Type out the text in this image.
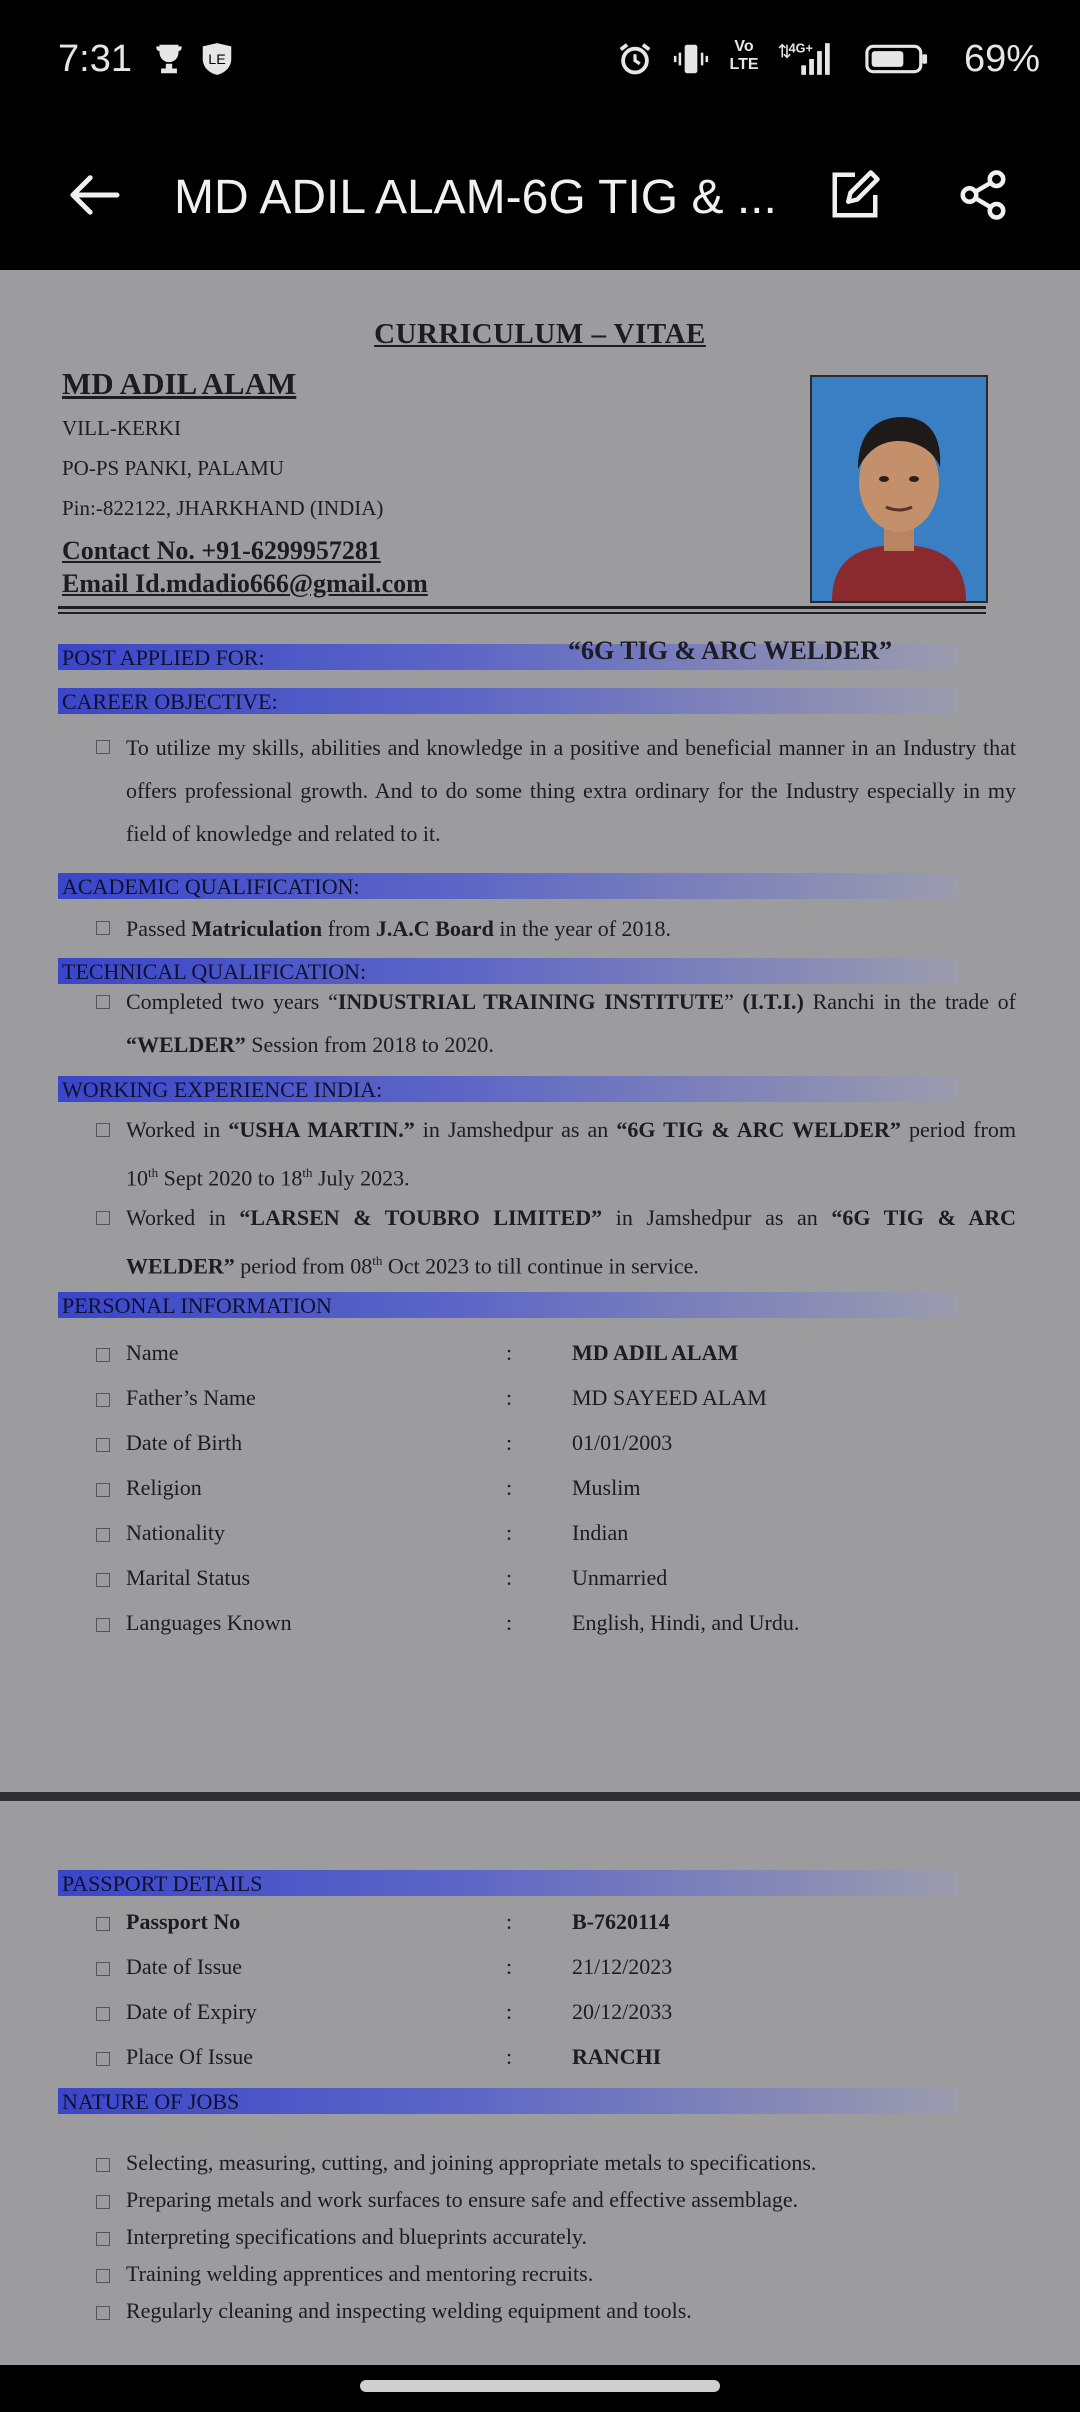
7:31	LE
Vo
LTE
4G+	69%
MD ADIL ALAM-6G TIG & ...
CURRICULUM – VITAE
MD ADIL ALAM
VILL-KERKI
PO-PS PANKI, PALAMU
Pin:-822122, JHARKHAND (INDIA)
Contact No. +91-6299957281
Email Id.mdadio666@gmail.com
POST APPLIED FOR:	“6G TIG & ARC WELDER”
CAREER OBJECTIVE:
To utilize my skills, abilities and knowledge in a positive and beneficial manner in an Industry that offers professional growth. And to do some thing extra ordinary for the Industry especially in my field of knowledge and related to it.
ACADEMIC QUALIFICATION:
Passed Matriculation from J.A.C Board in the year of 2018.
TECHNICAL QUALIFICATION:
Completed two years “INDUSTRIAL TRAINING INSTITUTE” (I.T.I.) Ranchi in the trade of “WELDER” Session from 2018 to 2020.
WORKING EXPERIENCE INDIA:
Worked in “USHA MARTIN.” in Jamshedpur as an “6G TIG & ARC WELDER” period from 10th Sept 2020 to 18th July 2023.
Worked in “LARSEN & TOUBRO LIMITED” in Jamshedpur as an “6G TIG & ARC WELDER” period from 08th Oct 2023 to till continue in service.
PERSONAL INFORMATION
Name	:	MD ADIL ALAM
Father’s Name	:	MD SAYEED ALAM
Date of Birth	:	01/01/2003
Religion	:	Muslim
Nationality	:	Indian
Marital Status	:	Unmarried
Languages Known	:	English, Hindi, and Urdu.
PASSPORT DETAILS
Passport No	:	B-7620114
Date of Issue	:	21/12/2023
Date of Expiry	:	20/12/2033
Place Of Issue	:	RANCHI
NATURE OF JOBS
Selecting, measuring, cutting, and joining appropriate metals to specifications.
Preparing metals and work surfaces to ensure safe and effective assemblage.
Interpreting specifications and blueprints accurately.
Training welding apprentices and mentoring recruits.
Regularly cleaning and inspecting welding equipment and tools.
